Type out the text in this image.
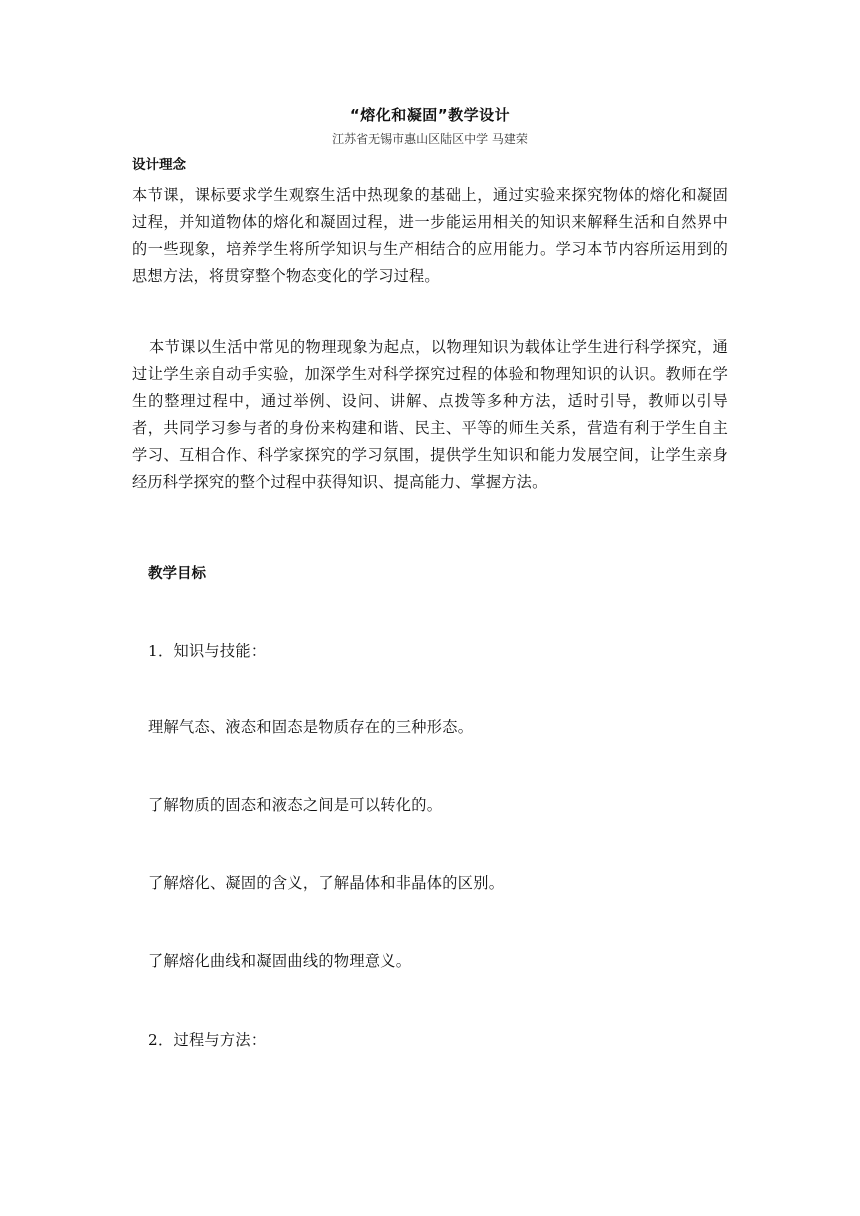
“熔化和凝固”教学设计
江苏省无锡市惠山区陆区中学 马建荣
设计理念
本节课，课标要求学生观察生活中热现象的基础上，通过实验来探究物体的熔化和凝固过程，并知道物体的熔化和凝固过程，进一步能运用相关的知识来解释生活和自然界中的一些现象，培养学生将所学知识与生产相结合的应用能力。学习本节内容所运用到的思想方法，将贯穿整个物态变化的学习过程。
本节课以生活中常见的物理现象为起点，以物理知识为载体让学生进行科学探究，通过让学生亲自动手实验，加深学生对科学探究过程的体验和物理知识的认识。教师在学生的整理过程中，通过举例、设问、讲解、点拨等多种方法，适时引导，教师以引导者，共同学习参与者的身份来构建和谐、民主、平等的师生关系，营造有利于学生自主学习、互相合作、科学家探究的学习氛围，提供学生知识和能力发展空间，让学生亲身经历科学探究的整个过程中获得知识、提高能力、掌握方法。
教学目标
1．知识与技能：
理解气态、液态和固态是物质存在的三种形态。
了解物质的固态和液态之间是可以转化的。
了解熔化、凝固的含义，了解晶体和非晶体的区别。
了解熔化曲线和凝固曲线的物理意义。
2．过程与方法：
